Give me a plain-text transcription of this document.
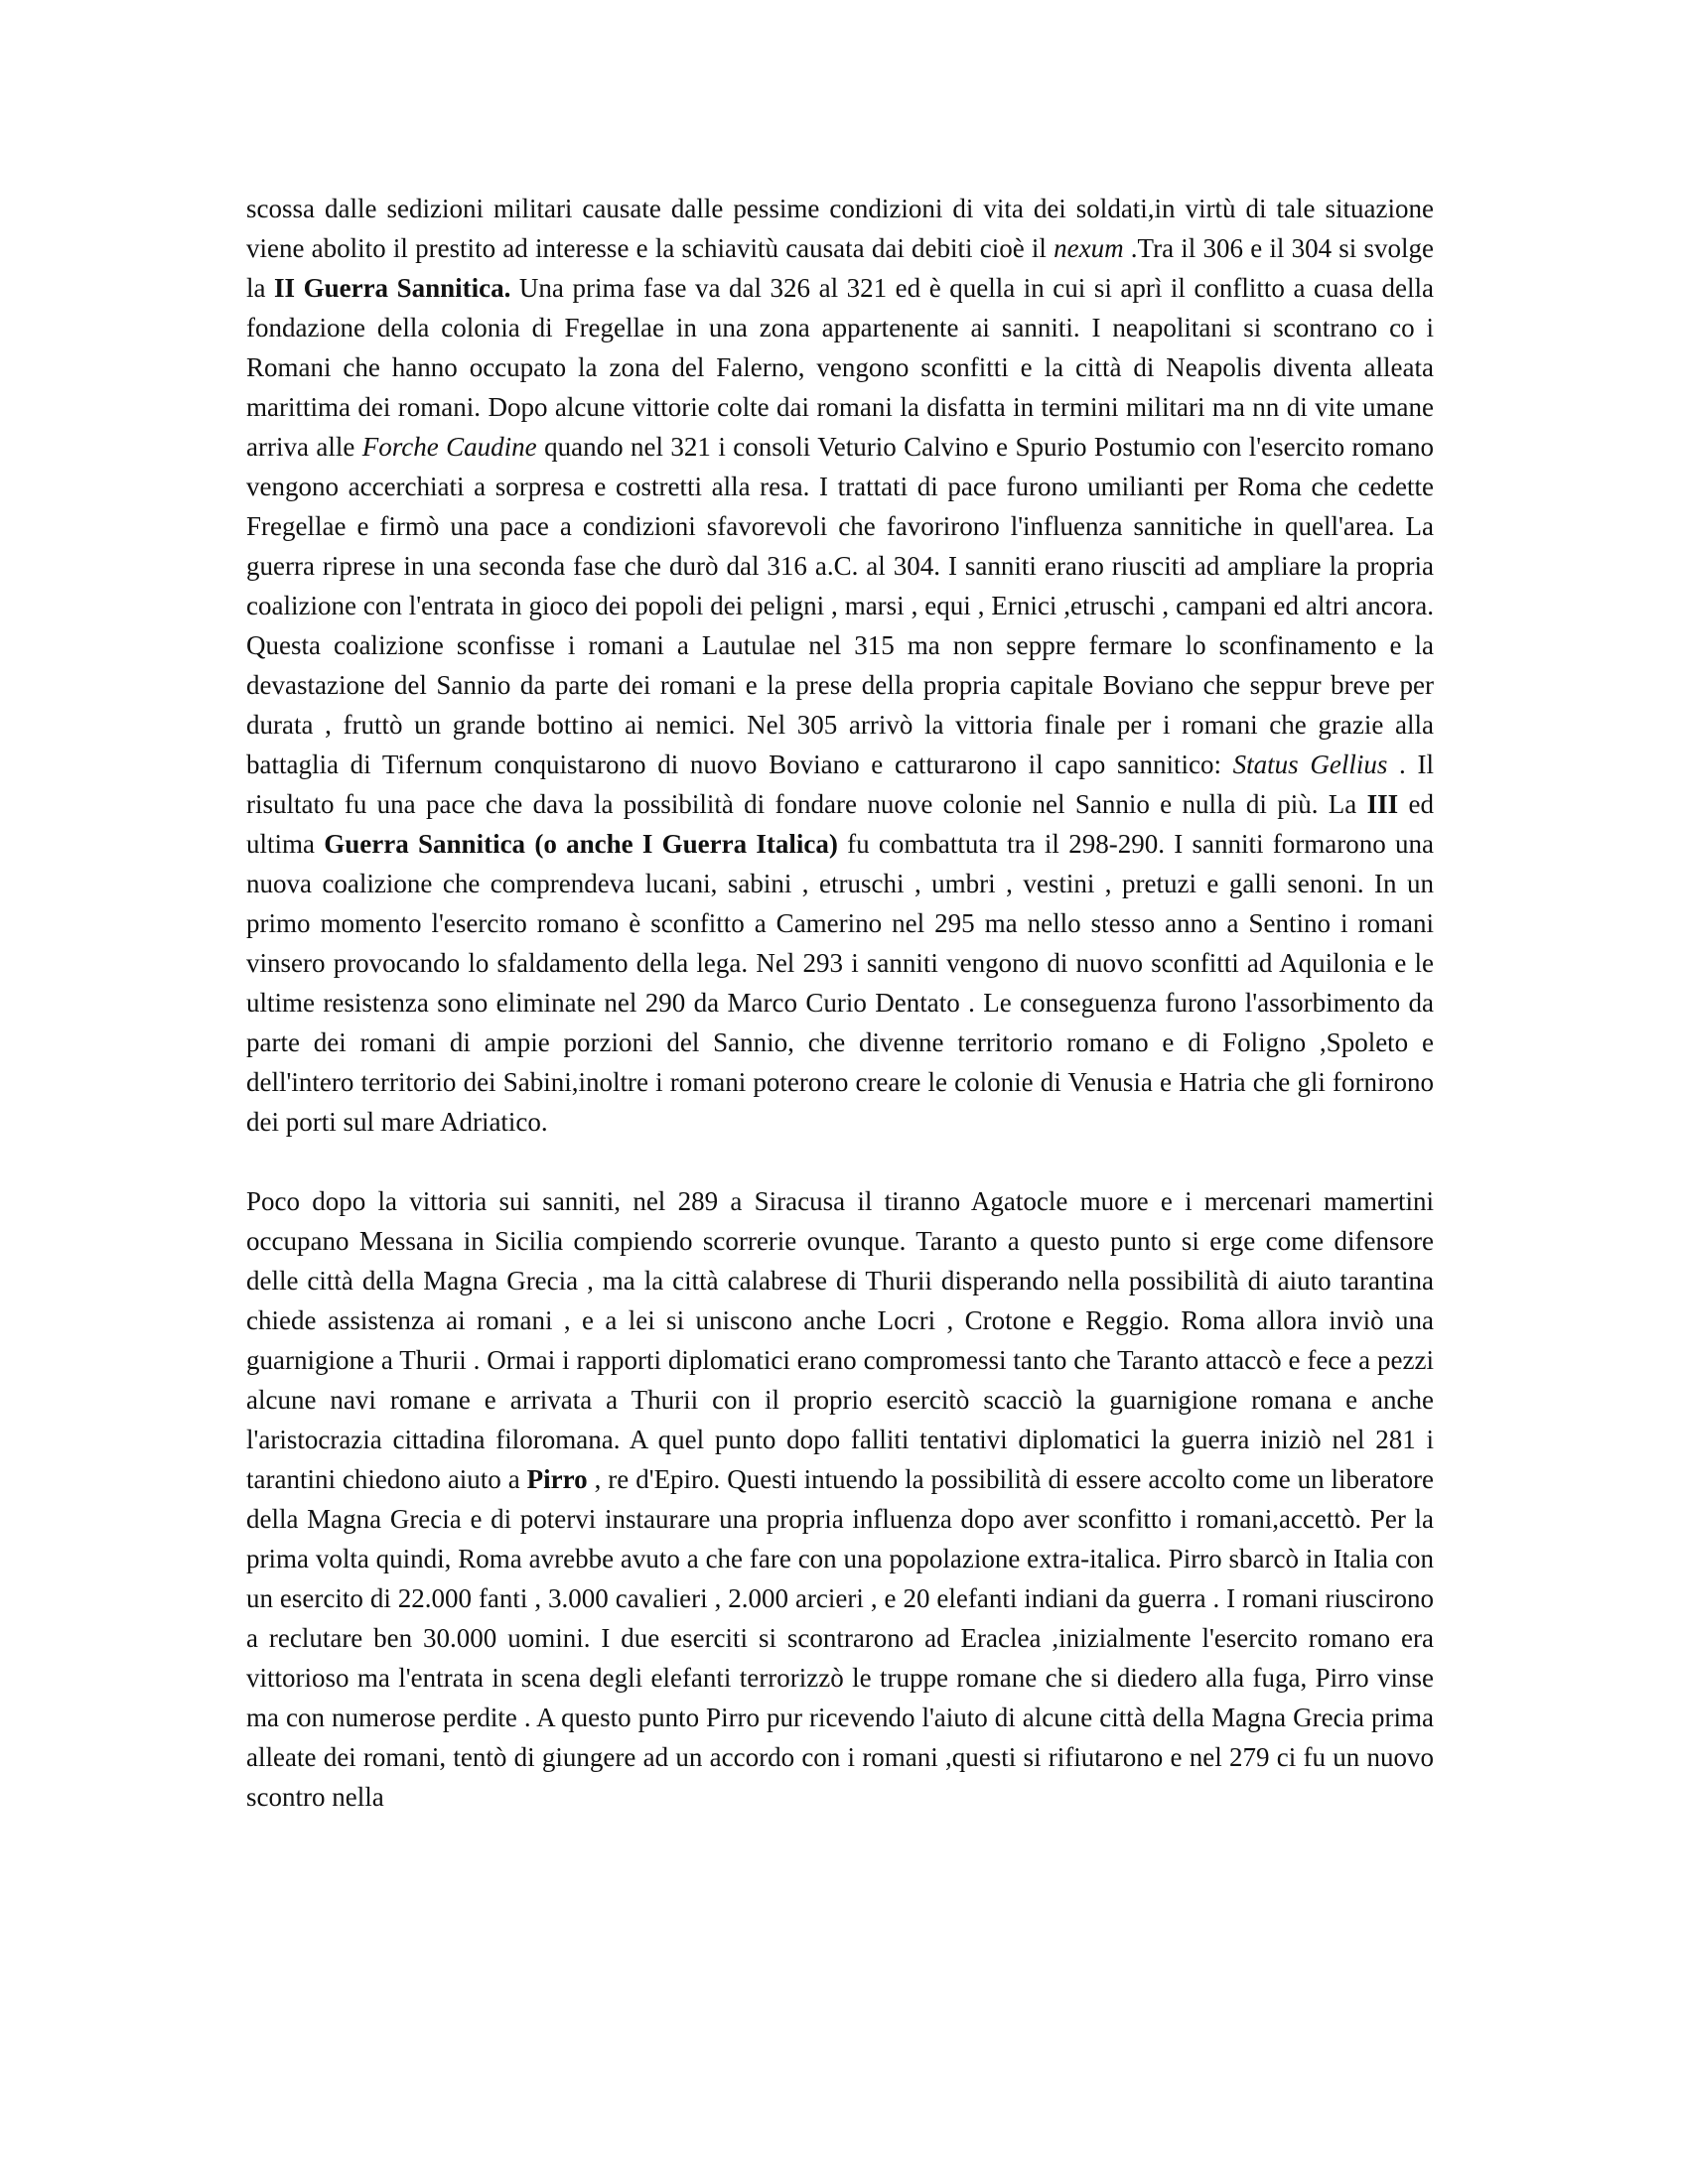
scossa dalle sedizioni militari causate dalle pessime condizioni di vita dei soldati,in virtù di tale situazione viene abolito il prestito ad interesse e la schiavitù causata dai debiti cioè il nexum .Tra il 306 e il 304 si svolge la II Guerra Sannitica. Una prima fase va dal 326 al 321 ed è quella in cui si aprì il conflitto a cuasa della fondazione della colonia di Fregellae in una zona appartenente ai sanniti. I neapolitani si scontrano co i Romani che hanno occupato la zona del Falerno, vengono sconfitti e la città di Neapolis diventa alleata marittima dei romani. Dopo alcune vittorie colte dai romani la disfatta in termini militari ma nn di vite umane arriva alle Forche Caudine quando nel 321 i consoli Veturio Calvino e Spurio Postumio con l'esercito romano vengono accerchiati a sorpresa e costretti alla resa. I trattati di pace furono umilianti per Roma che cedette Fregellae e firmò una pace a condizioni sfavorevoli che favorirono l'influenza sannitiche in quell'area. La guerra riprese in una seconda fase che durò dal 316 a.C. al 304. I sanniti erano riusciti ad ampliare la propria coalizione con l'entrata in gioco dei popoli dei peligni , marsi , equi , Ernici ,etruschi , campani ed altri ancora. Questa coalizione sconfisse i romani a Lautulae nel 315 ma non seppre fermare lo sconfinamento e la devastazione del Sannio da parte dei romani e la prese della propria capitale Boviano che seppur breve per durata , fruttò un grande bottino ai nemici. Nel 305 arrivò la vittoria finale per i romani che grazie alla battaglia di Tifernum conquistarono di nuovo Boviano e catturarono il capo sannitico: Status Gellius . Il risultato fu una pace che dava la possibilità di fondare nuove colonie nel Sannio e nulla di più. La III ed ultima Guerra Sannitica (o anche I Guerra Italica) fu combattuta tra il 298-290. I sanniti formarono una nuova coalizione che comprendeva lucani, sabini , etruschi , umbri , vestini , pretuzi e galli senoni. In un primo momento l'esercito romano è sconfitto a Camerino nel 295 ma nello stesso anno a Sentino i romani vinsero provocando lo sfaldamento della lega. Nel 293 i sanniti vengono di nuovo sconfitti ad Aquilonia e le ultime resistenza sono eliminate nel 290 da Marco Curio Dentato . Le conseguenza furono l'assorbimento da parte dei romani di ampie porzioni del Sannio, che divenne territorio romano e di Foligno ,Spoleto e dell'intero territorio dei Sabini,inoltre i romani poterono creare le colonie di Venusia e Hatria che gli fornirono dei porti sul mare Adriatico.

Poco dopo la vittoria sui sanniti, nel 289 a Siracusa il tiranno Agatocle muore e i mercenari mamertini occupano Messana in Sicilia compiendo scorrerie ovunque. Taranto a questo punto si erge come difensore delle città della Magna Grecia , ma la città calabrese di Thurii disperando nella possibilità di aiuto tarantina chiede assistenza ai romani , e a lei si uniscono anche Locri , Crotone e Reggio. Roma allora inviò una guarnigione a Thurii . Ormai i rapporti diplomatici erano compromessi tanto che Taranto attaccò e fece a pezzi alcune navi romane e arrivata a Thurii con il proprio esercitò scacciò la guarnigione romana e anche l'aristocrazia cittadina filoromana. A quel punto dopo falliti tentativi diplomatici la guerra iniziò nel 281 i tarantini chiedono aiuto a Pirro , re d'Epiro. Questi intuendo la possibilità di essere accolto come un liberatore della Magna Grecia e di potervi instaurare una propria influenza dopo aver sconfitto i romani,accettò. Per la prima volta quindi, Roma avrebbe avuto a che fare con una popolazione extra-italica. Pirro sbarcò in Italia con un esercito di 22.000 fanti , 3.000 cavalieri , 2.000 arcieri , e 20 elefanti indiani da guerra . I romani riuscirono a reclutare ben 30.000 uomini. I due eserciti si scontrarono ad Eraclea ,inizialmente l'esercito romano era vittorioso ma l'entrata in scena degli elefanti terrorizzò le truppe romane che si diedero alla fuga, Pirro vinse ma con numerose perdite . A questo punto Pirro pur ricevendo l'aiuto di alcune città della Magna Grecia prima alleate dei romani, tentò di giungere ad un accordo con i romani ,questi si rifiutarono e nel 279 ci fu un nuovo scontro nella
